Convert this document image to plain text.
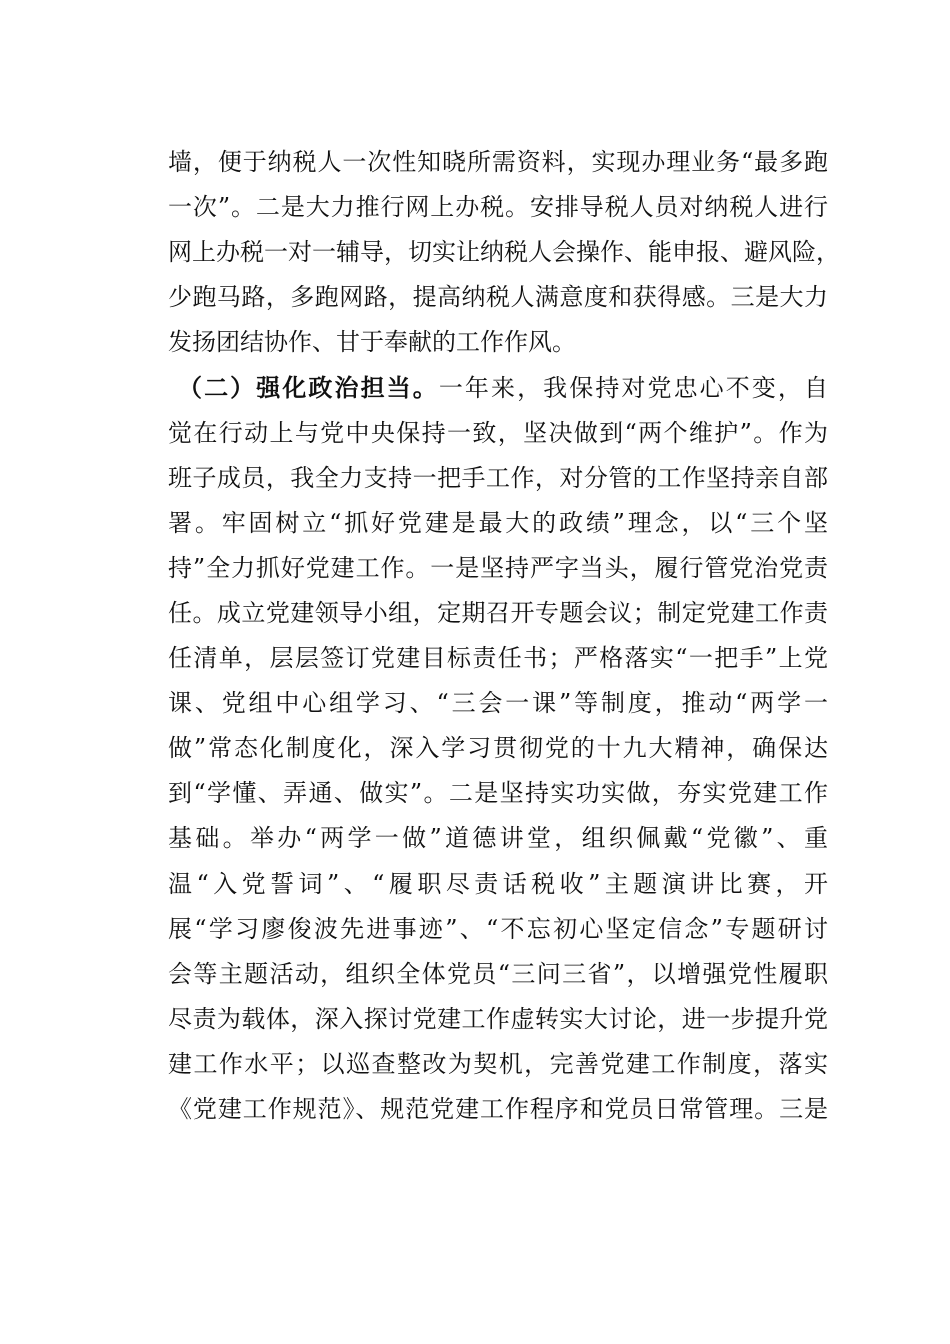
墙，便于纳税人一次性知晓所需资料，实现办理业务“最多跑
一次”。二是大力推行网上办税。安排导税人员对纳税人进行
网上办税一对一辅导，切实让纳税人会操作、能申报、避风险，
少跑马路，多跑网路，提高纳税人满意度和获得感。三是大力
发扬团结协作、甘于奉献的工作作风。
（二）强化政治担当。一年来，我保持对党忠心不变，自
觉在行动上与党中央保持一致，坚决做到“两个维护”。作为
班子成员，我全力支持一把手工作，对分管的工作坚持亲自部
署。牢固树立“抓好党建是最大的政绩”理念，以“三个坚
持”全力抓好党建工作。一是坚持严字当头，履行管党治党责
任。成立党建领导小组，定期召开专题会议；制定党建工作责
任清单，层层签订党建目标责任书；严格落实“一把手”上党
课、党组中心组学习、“三会一课”等制度，推动“两学一
做”常态化制度化，深入学习贯彻党的十九大精神，确保达
到“学懂、弄通、做实”。二是坚持实功实做，夯实党建工作
基础。举办“两学一做”道德讲堂，组织佩戴“党徽”、重
温“入党誓词”、“履职尽责话税收”主题演讲比赛，开
展“学习廖俊波先进事迹”、“不忘初心坚定信念”专题研讨
会等主题活动，组织全体党员“三问三省”，以增强党性履职
尽责为载体，深入探讨党建工作虚转实大讨论，进一步提升党
建工作水平；以巡查整改为契机，完善党建工作制度，落实
《党建工作规范》、规范党建工作程序和党员日常管理。三是
